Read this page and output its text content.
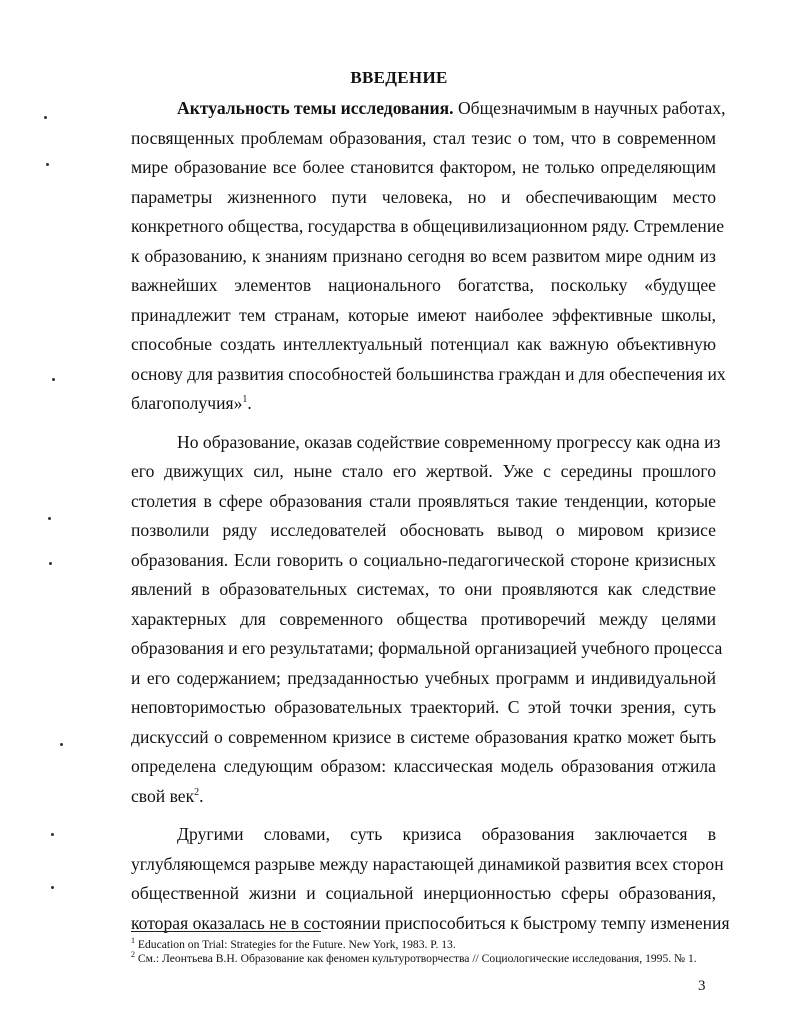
ВВЕДЕНИЕ
Актуальность темы исследования. Общезначимым в научных работах,
посвященных проблемам образования, стал тезис о том, что в современном
мире образование все более становится фактором, не только определяющим
параметры жизненного пути человека, но и обеспечивающим место
конкретного общества, государства в общецивилизационном ряду. Стремление
к образованию, к знаниям признано сегодня во всем развитом мире одним из
важнейших элементов национального богатства, поскольку «будущее
принадлежит тем странам, которые имеют наиболее эффективные школы,
способные создать интеллектуальный потенциал как важную объективную
основу для развития способностей большинства граждан и для обеспечения их
благополучия»$^1$.
Но образование, оказав содействие современному прогрессу как одна из
его движущих сил, ныне стало его жертвой. Уже с середины прошлого
столетия в сфере образования стали проявляться такие тенденции, которые
позволили ряду исследователей обосновать вывод о мировом кризисе
образования. Если говорить о социально-педагогической стороне кризисных
явлений в образовательных системах, то они проявляются как следствие
характерных для современного общества противоречий между целями
образования и его результатами; формальной организацией учебного процесса
и его содержанием; предзаданностью учебных программ и индивидуальной
неповторимостью образовательных траекторий. С этой точки зрения, суть
дискуссий о современном кризисе в системе образования кратко может быть
определена следующим образом: классическая модель образования отжила
свой век$^2$.
Другими словами, суть кризиса образования заключается в
углубляющемся разрыве между нарастающей динамикой развития всех сторон
общественной жизни и социальной инерционностью сферы образования,
которая оказалась не в состоянии приспособиться к быстрому темпу изменения
$^1$ Education on Trial: Strategies for the Future. New York, 1983. P. 13.
$^2$ См.: Леонтьева В.Н. Образование как феномен культуротворчества // Социологические исследования, 1995. № 1.
3
